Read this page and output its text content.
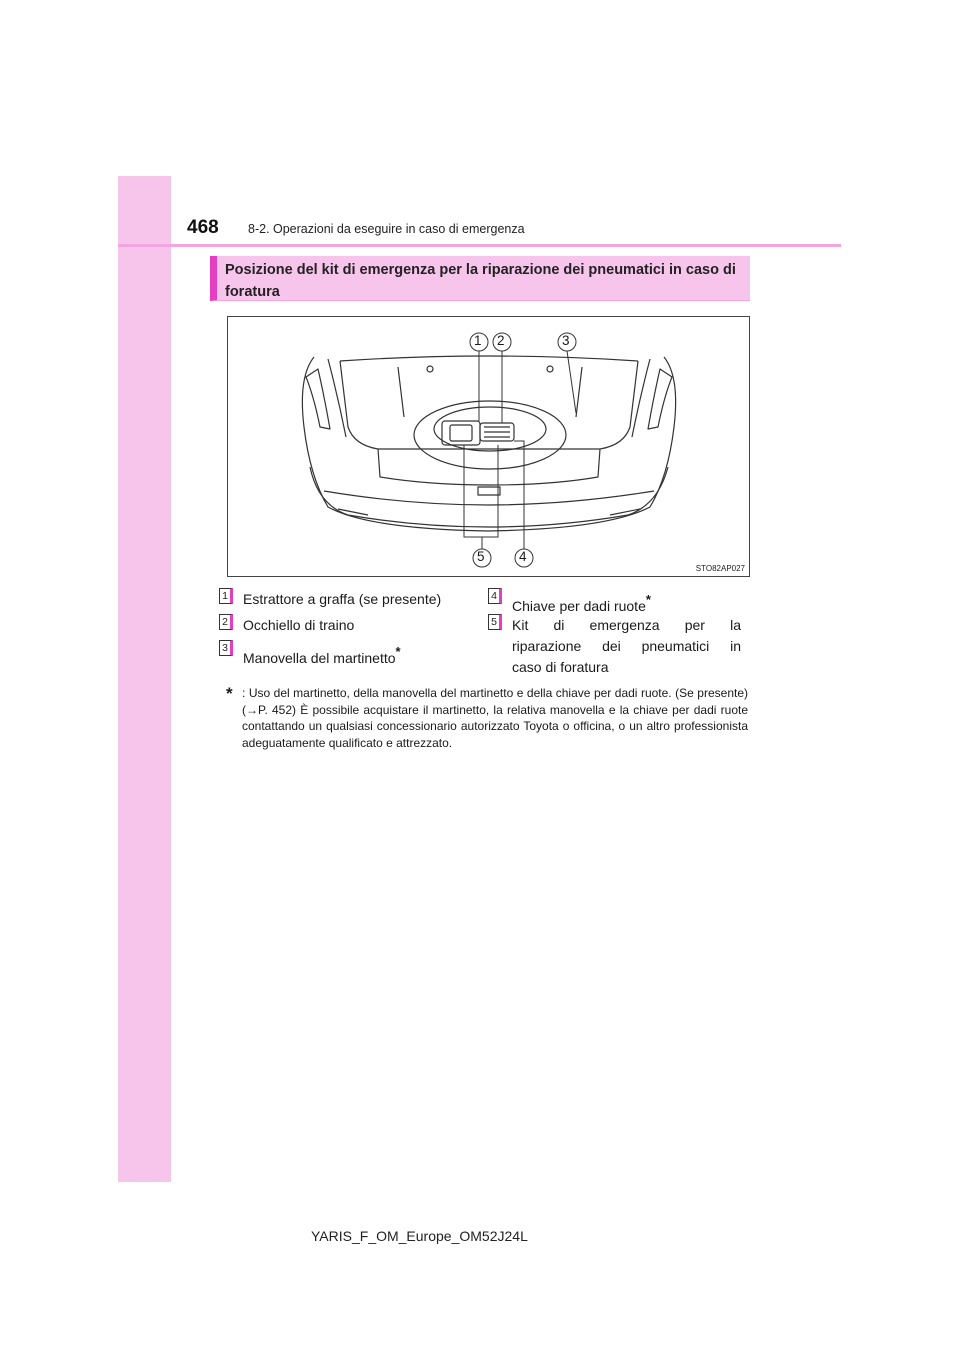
468 8-2. Operazioni da eseguire in caso di emergenza
Posizione del kit di emergenza per la riparazione dei pneumatici in caso di foratura
1 2	3
5	4
STO82AP027
1	Estrattore a graffa (se presente)
2	Occhiello di traino
3
Manovella del martinetto*
4
Chiave per dadi ruote*
5	Kit di emergenza per la
riparazione dei pneumatici in
caso di foratura
* : Uso del martinetto, della manovella del martinetto e della chiave per dadi ruote. (Se presente) (→P. 452) È possibile acquistare il martinetto, la relativa manovella e la chiave per dadi ruote contattando un qualsiasi concessionario autorizzato Toyota o officina, o un altro professionista adeguatamente qualificato e attrezzato.
YARIS_F_OM_Europe_OM52J24L
